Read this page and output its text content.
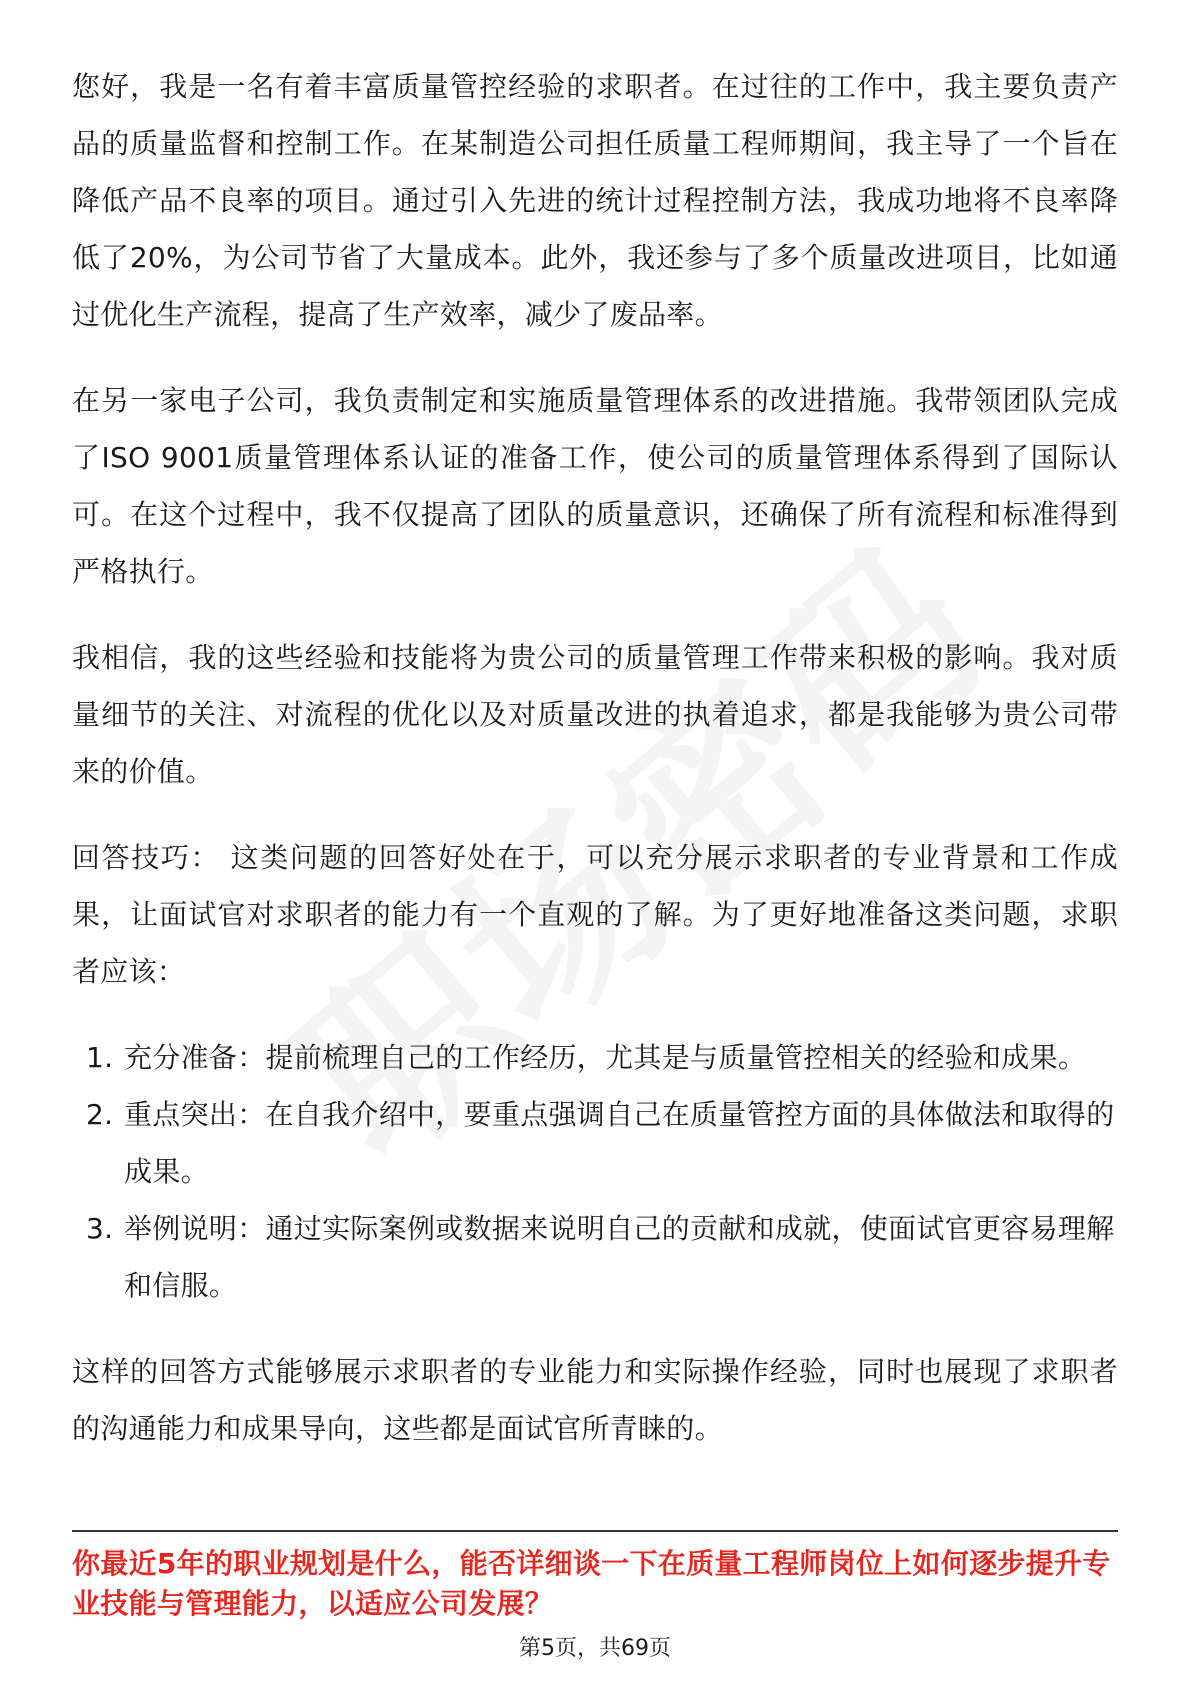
您好，我是一名有着丰富质量管控经验的求职者。在过往的工作中，我主要负责产品的质量监督和控制工作。在某制造公司担任质量工程师期间，我主导了一个旨在降低产品不良率的项目。通过引入先进的统计过程控制方法，我成功地将不良率降低了20%，为公司节省了大量成本。此外，我还参与了多个质量改进项目，比如通过优化生产流程，提高了生产效率，减少了废品率。

在另一家电子公司，我负责制定和实施质量管理体系的改进措施。我带领团队完成了ISO 9001质量管理体系认证的准备工作，使公司的质量管理体系得到了国际认可。在这个过程中，我不仅提高了团队的质量意识，还确保了所有流程和标准得到严格执行。

我相信，我的这些经验和技能将为贵公司的质量管理工作带来积极的影响。我对质量细节的关注、对流程的优化以及对质量改进的执着追求，都是我能够为贵公司带来的价值。

回答技巧： 这类问题的回答好处在于，可以充分展示求职者的专业背景和工作成果，让面试官对求职者的能力有一个直观的了解。为了更好地准备这类问题，求职者应该：

1. 充分准备：提前梳理自己的工作经历，尤其是与质量管控相关的经验和成果。
2. 重点突出：在自我介绍中，要重点强调自己在质量管控方面的具体做法和取得的成果。
3. 举例说明：通过实际案例或数据来说明自己的贡献和成就，使面试官更容易理解和信服。

这样的回答方式能够展示求职者的专业能力和实际操作经验，同时也展现了求职者的沟通能力和成果导向，这些都是面试官所青睐的。

你最近5年的职业规划是什么，能否详细谈一下在质量工程师岗位上如何逐步提升专业技能与管理能力，以适应公司发展？

第5页，共69页
